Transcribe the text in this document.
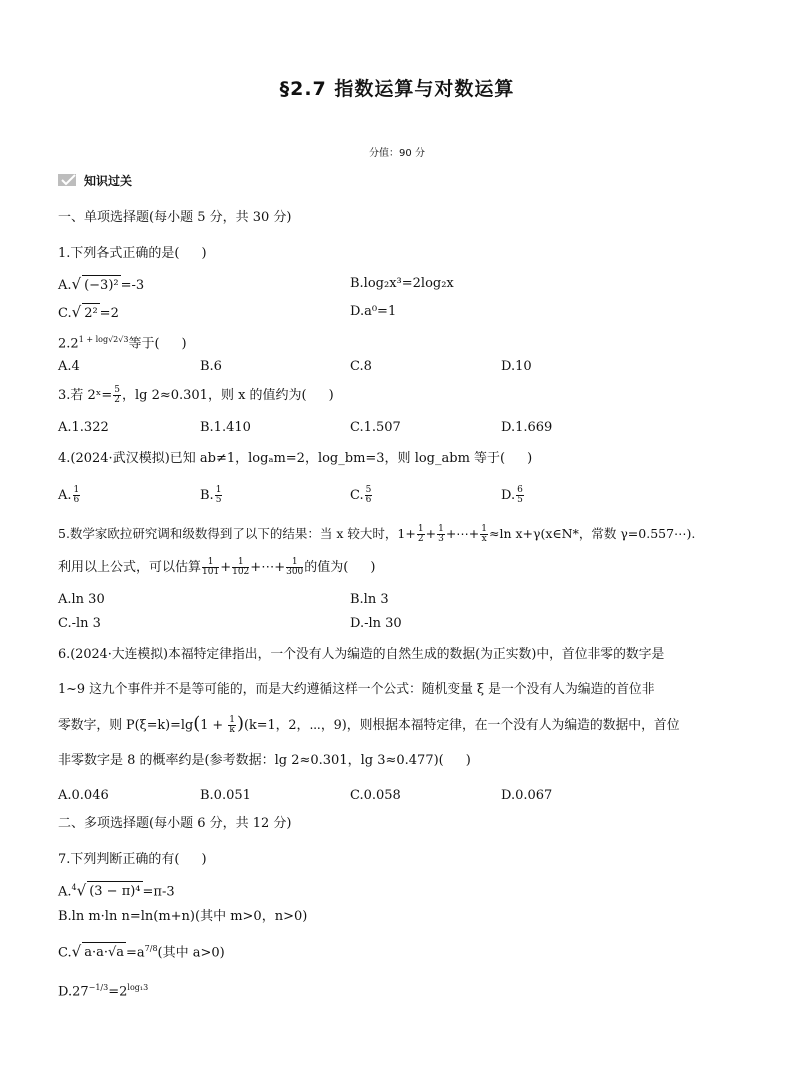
§2.7 指数运算与对数运算
分值：90 分
知识过关
一、单项选择题(每小题 5 分，共 30 分)
1.下列各式正确的是( )
A.√ (−3)² =-3	B.log₂x³=2log₂x
C.√ 2² =2	D.a⁰=1
$2.2^{1 + log√2√3}$等于( )
A.4	B.6	C.8	D.10
3.若 2ˣ= $\frac{5}{2}$ ，lg 2≈0.301，则 x 的值约为( )
A.1.322	B.1.410	C.1.507	D.1.669
4.(2024·武汉模拟)已知 ab≠1，logₐm=2，log_bm=3，则 log_abm 等于( )
A. $\frac{1}{6}$	B. $\frac{1}{5}$	C. $\frac{5}{6}$	D. $\frac{6}{5}$
5.数学家欧拉研究调和级数得到了以下的结果：当 x 较大时，$1+ \frac{1}{2} + \frac{1}{3}$ +⋯+ $\frac{1}{x} \approx\ln$ x+γ(x∈N*，常数 γ=0.557⋯).
利用以上公式，可以估算 $\frac{1}{101} + \frac{1}{102}$ +⋯+ $\frac{1}{300}$ 的值为( )
A.ln 30	B.ln 3
C.-ln 3	D.-ln 30
6.(2024·大连模拟)本福特定律指出，一个没有人为编造的自然生成的数据(为正实数)中，首位非零的数字是
1~9 这九个事件并不是等可能的，而是大约遵循这样一个公式：随机变量 ξ 是一个没有人为编造的首位非
零数字，则 $P(\xi=k)=\lg(1 + \frac{1}{k} )(k=1$，2，⋯，9)，则根据本福特定律，在一个没有人为编造的数据中，首位
非零数字是 8 的概率约是(参考数据：lg 2≈0.301，lg 3≈0.477)( )
A.0.046	B.0.051	C.0.058	D.0.067
二、多项选择题(每小题 6 分，共 12 分)
7.下列判断正确的有( )
A.$^4$√ (3 − π)⁴ =π-3
B.ln m·ln n=ln(m+n)(其中 m>0，n>0)
C.√ $a\cdot a\cdot√a =a^{7/8}$(其中 a>0)
$D.27^{-1/3}=2^{log_13}$
